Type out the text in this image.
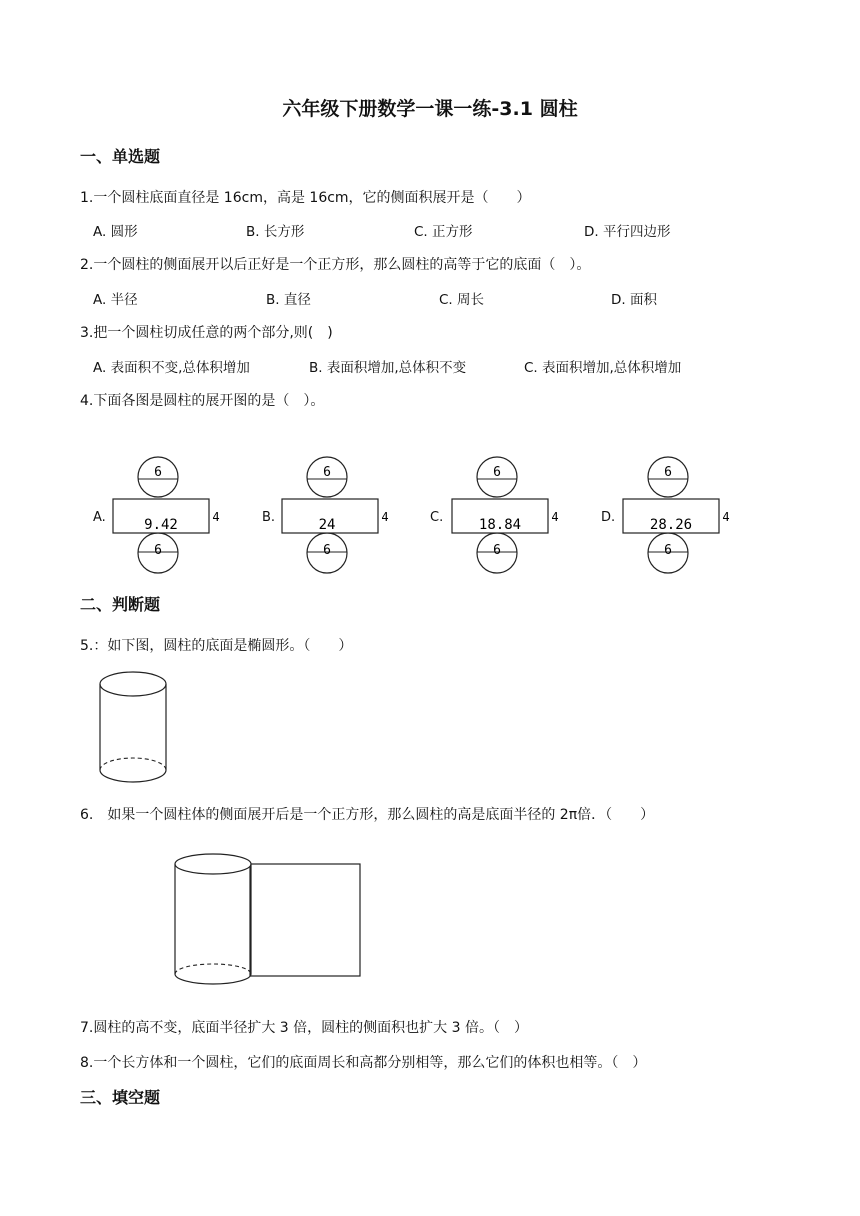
六年级下册数学一课一练-3.1 圆柱
一、单选题
1.一个圆柱底面直径是 16cm，高是 16cm，它的侧面积展开是（　　）
A. 圆形	B. 长方形	C. 正方形	D. 平行四边形
2.一个圆柱的侧面展开以后正好是一个正方形，那么圆柱的高等于它的底面（　）。
A. 半径	B. 直径	C. 周长	D. 面积
3.把一个圆柱切成任意的两个部分,则(　)
A. 表面积不变,总体积增加	B. 表面积增加,总体积不变	C. 表面积增加,总体积增加
4.下面各图是圆柱的展开图的是（　）。
A.
6
9.42	4
6
B.
6
24	4
6
C.
6
18.84	4
6
D.
6
28.26	4
6
二、判断题
5.：如下图，圆柱的底面是椭圆形。（　　）
6.　如果一个圆柱体的侧面展开后是一个正方形，那么圆柱的高是底面半径的 2π倍．（　　）
7.圆柱的高不变，底面半径扩大 3 倍，圆柱的侧面积也扩大 3 倍。（　）
8.一个长方体和一个圆柱，它们的底面周长和高都分别相等，那么它们的体积也相等。（　）
三、填空题
